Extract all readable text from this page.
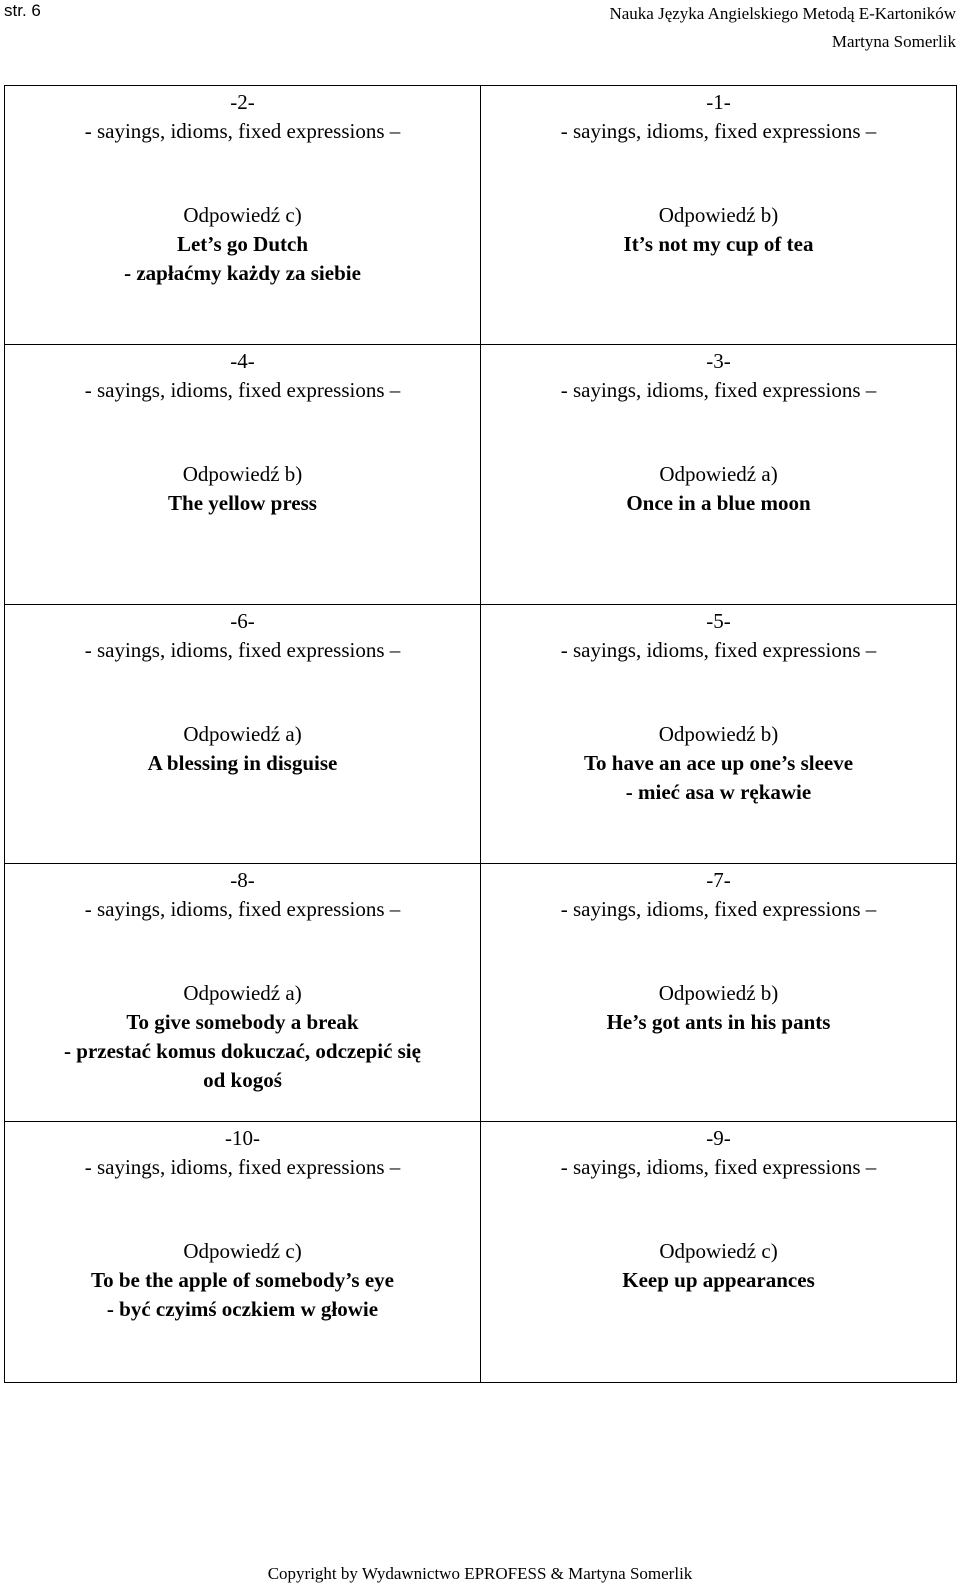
str. 6	Nauka Języka Angielskiego Metodą E-Kartoników
Martyna Somerlik
-2-
- sayings, idioms, fixed expressions –
Odpowiedź c)
Let’s go Dutch
- zapłaćmy każdy za siebie
-1-
- sayings, idioms, fixed expressions –
Odpowiedź b)
It’s not my cup of tea
-4-
- sayings, idioms, fixed expressions –
Odpowiedź b)
The yellow press
-3-
- sayings, idioms, fixed expressions –
Odpowiedź a)
Once in a blue moon
-6-
- sayings, idioms, fixed expressions –
Odpowiedź a)
A blessing in disguise
-5-
- sayings, idioms, fixed expressions –
Odpowiedź b)
To have an ace up one’s sleeve
- mieć asa w rękawie
-8-
- sayings, idioms, fixed expressions –
Odpowiedź a)
To give somebody a break
- przestać komus dokuczać, odczepić się
od kogoś
-7-
- sayings, idioms, fixed expressions –
Odpowiedź b)
He’s got ants in his pants
-10-
- sayings, idioms, fixed expressions –
Odpowiedź c)
To be the apple of somebody’s eye
- być czyimś oczkiem w głowie
-9-
- sayings, idioms, fixed expressions –
Odpowiedź c)
Keep up appearances
Copyright by Wydawnictwo EPROFESS & Martyna Somerlik
